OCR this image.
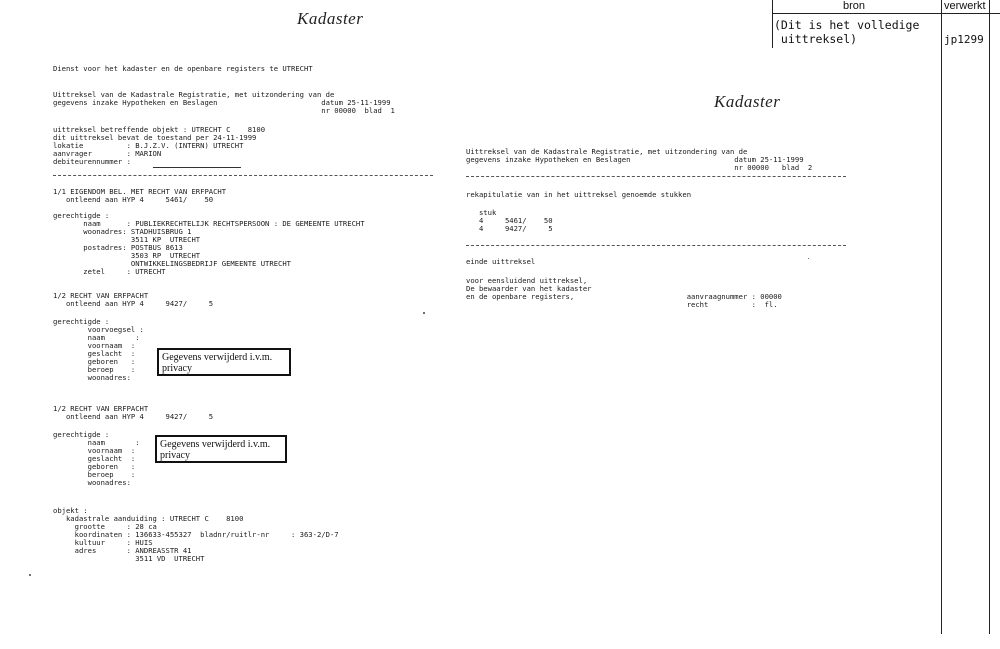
bron	verwerkt
(Dit is het volledige
uittreksel)	jp1299
Kadaster
Dienst voor het kadaster en de openbare registers te UTRECHT
Uittreksel van de Kadastrale Registratie, met uitzondering van de
gegevens inzake Hypotheken en Beslagen                        datum 25-11-1999
nr 00000  blad  1
uittreksel betreffende objekt : UTRECHT C    8100
dit uittreksel bevat de toestand per 24-11-1999
lokatie          : B.J.Z.V. (INTERN) UTRECHT
aanvrager        : MARION
debiteurennummer :
1/1 EIGENDOM BEL. MET RECHT VAN ERFPACHT
ontleend aan HYP 4     5461/    50
gerechtigde :
naam      : PUBLIEKRECHTELIJK RECHTSPERSOON : DE GEMEENTE UTRECHT
woonadres: STADHUISBRUG 1
3511 KP  UTRECHT
postadres: POSTBUS 8613
3503 RP  UTRECHT
ONTWIKKELINGSBEDRIJF GEMEENTE UTRECHT
zetel     : UTRECHT
1/2 RECHT VAN ERFPACHT
ontleend aan HYP 4     9427/     5
gerechtigde :
voorvoegsel :
naam       :
voornaam  :
geslacht  :
geboren   :
beroep    :
woonadres:
Gegevens verwijderd i.v.m. privacy
1/2 RECHT VAN ERFPACHT
ontleend aan HYP 4     9427/     5
gerechtigde :
naam       :
voornaam  :
geslacht  :
geboren   :
beroep    :
woonadres:
Gegevens verwijderd i.v.m. privacy
objekt :
kadastrale aanduiding : UTRECHT C    8100
grootte     : 28 ca
koordinaten : 136633-455327  bladnr/ruitlr-nr     : 363-2/D-7
kultuur     : HUIS
adres       : ANDREASSTR 41
3511 VD  UTRECHT
Kadaster
Uittreksel van de Kadastrale Registratie, met uitzondering van de
gegevens inzake Hypotheken en Beslagen                        datum 25-11-1999
nr 00000   blad  2
rekapitulatie van in het uittreksel genoemde stukken
stuk
4     5461/    50
4     9427/     5
einde uittreksel
voor eensluidend uittreksel,
De bewaarder van het kadaster
en de openbare registers,                          aanvraagnummer : 00000
recht          :  fl.
